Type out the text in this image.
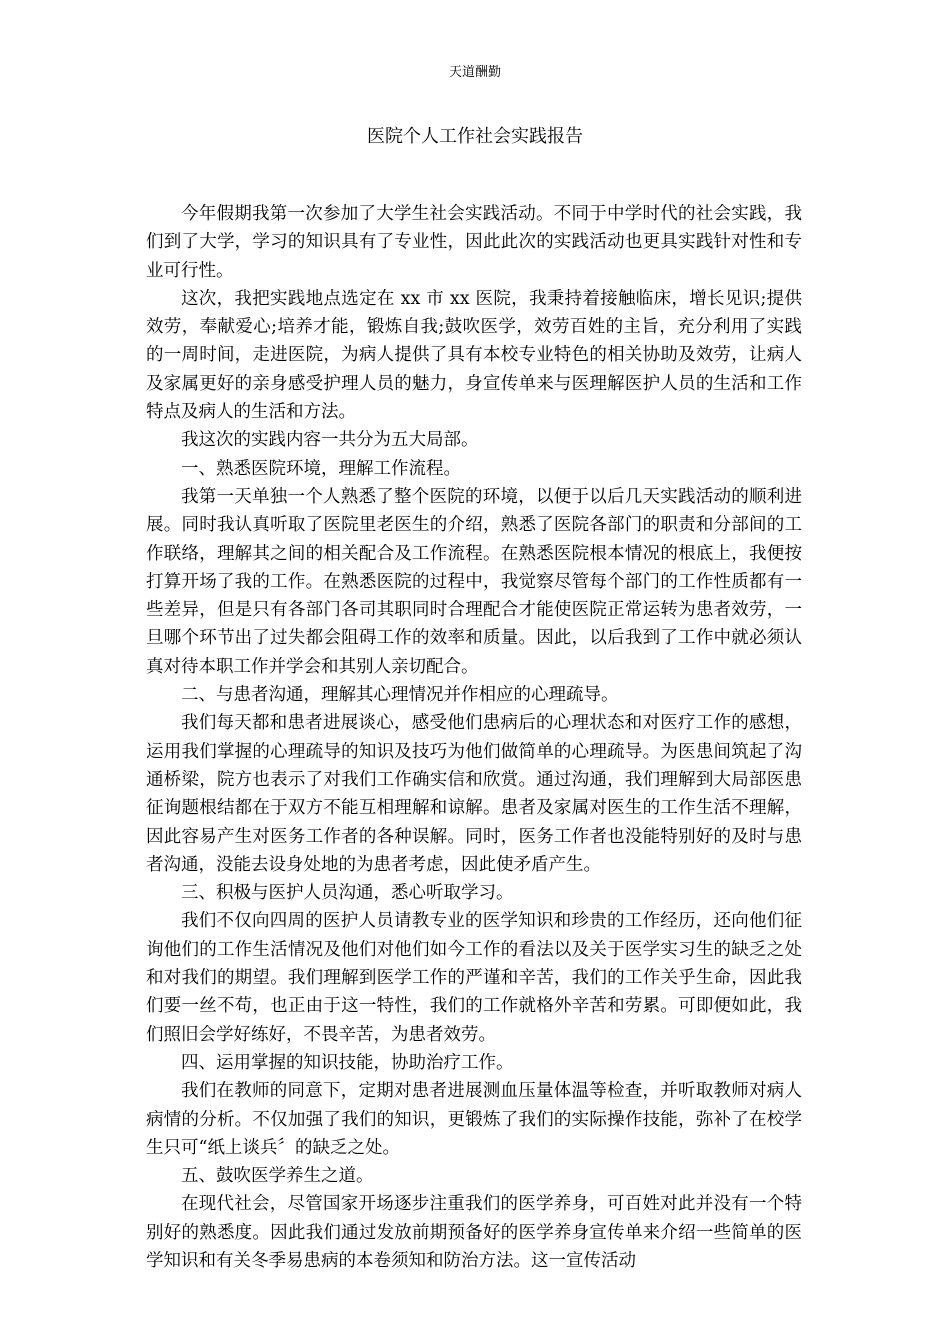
天道酬勤
医院个人工作社会实践报告

今年假期我第一次参加了大学生社会实践活动。不同于中学时代的社会实践，我们到了大学，学习的知识具有了专业性，因此此次的实践活动也更具实践针对性和专业可行性。

这次，我把实践地点选定在 xx 市 xx 医院，我秉持着接触临床，增长见识;提供效劳，奉献爱心;培养才能，锻炼自我;鼓吹医学，效劳百姓的主旨，充分利用了实践的一周时间，走进医院，为病人提供了具有本校专业特色的相关协助及效劳，让病人及家属更好的亲身感受护理人员的魅力，身宣传单来与医理解医护人员的生活和工作特点及病人的生活和方法。

我这次的实践内容一共分为五大局部。

一、熟悉医院环境，理解工作流程。

我第一天单独一个人熟悉了整个医院的环境，以便于以后几天实践活动的顺利进展。同时我认真听取了医院里老医生的介绍，熟悉了医院各部门的职责和分部间的工作联络，理解其之间的相关配合及工作流程。在熟悉医院根本情况的根底上，我便按打算开场了我的工作。在熟悉医院的过程中，我觉察尽管每个部门的工作性质都有一些差异，但是只有各部门各司其职同时合理配合才能使医院正常运转为患者效劳，一旦哪个环节出了过失都会阻碍工作的效率和质量。因此，以后我到了工作中就必须认真对待本职工作并学会和其别人亲切配合。

二、与患者沟通，理解其心理情况并作相应的心理疏导。

我们每天都和患者进展谈心，感受他们患病后的心理状态和对医疗工作的感想，运用我们掌握的心理疏导的知识及技巧为他们做简单的心理疏导。为医患间筑起了沟通桥梁，院方也表示了对我们工作确实信和欣赏。通过沟通，我们理解到大局部医患征询题根结都在于双方不能互相理解和谅解。患者及家属对医生的工作生活不理解，因此容易产生对医务工作者的各种误解。同时，医务工作者也没能特别好的及时与患者沟通，没能去设身处地的为患者考虑，因此使矛盾产生。

三、积极与医护人员沟通，悉心听取学习。

我们不仅向四周的医护人员请教专业的医学知识和珍贵的工作经历，还向他们征询他们的工作生活情况及他们对他们如今工作的看法以及关于医学实习生的缺乏之处和对我们的期望。我们理解到医学工作的严谨和辛苦，我们的工作关乎生命，因此我们要一丝不苟，也正由于这一特性，我们的工作就格外辛苦和劳累。可即便如此，我们照旧会学好练好，不畏辛苦，为患者效劳。

四、运用掌握的知识技能，协助治疗工作。

我们在教师的同意下，定期对患者进展测血压量体温等检查，并听取教师对病人病情的分析。不仅加强了我们的知识，更锻炼了我们的实际操作技能，弥补了在校学生只可“纸上谈兵〞的缺乏之处。

五、鼓吹医学养生之道。

在现代社会，尽管国家开场逐步注重我们的医学养身，可百姓对此并没有一个特别好的熟悉度。因此我们通过发放前期预备好的医学养身宣传单来介绍一些简单的医学知识和有关冬季易患病的本卷须知和防治方法。这一宣传活动
